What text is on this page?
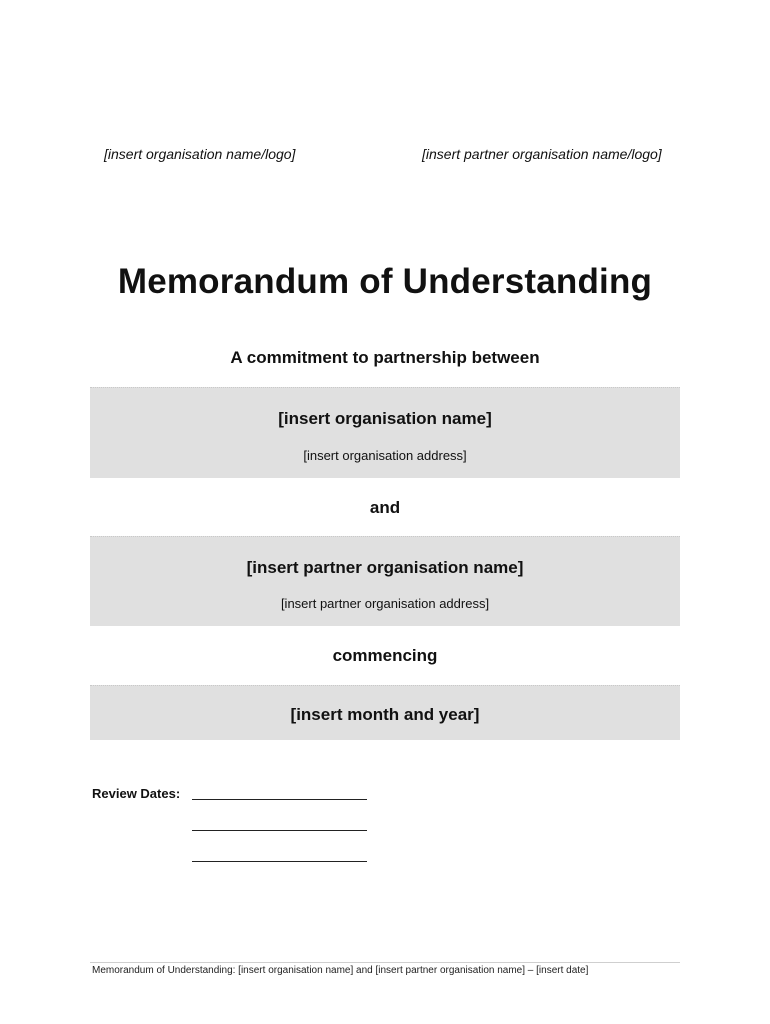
[insert organisation name/logo]	[insert partner organisation name/logo]
Memorandum of Understanding
A commitment to partnership between
[insert organisation name]
[insert organisation address]
and
[insert partner organisation name]
[insert partner organisation address]
commencing
[insert month and year]
Review Dates:
Memorandum of Understanding: [insert organisation name] and [insert partner organisation name] – [insert date]
